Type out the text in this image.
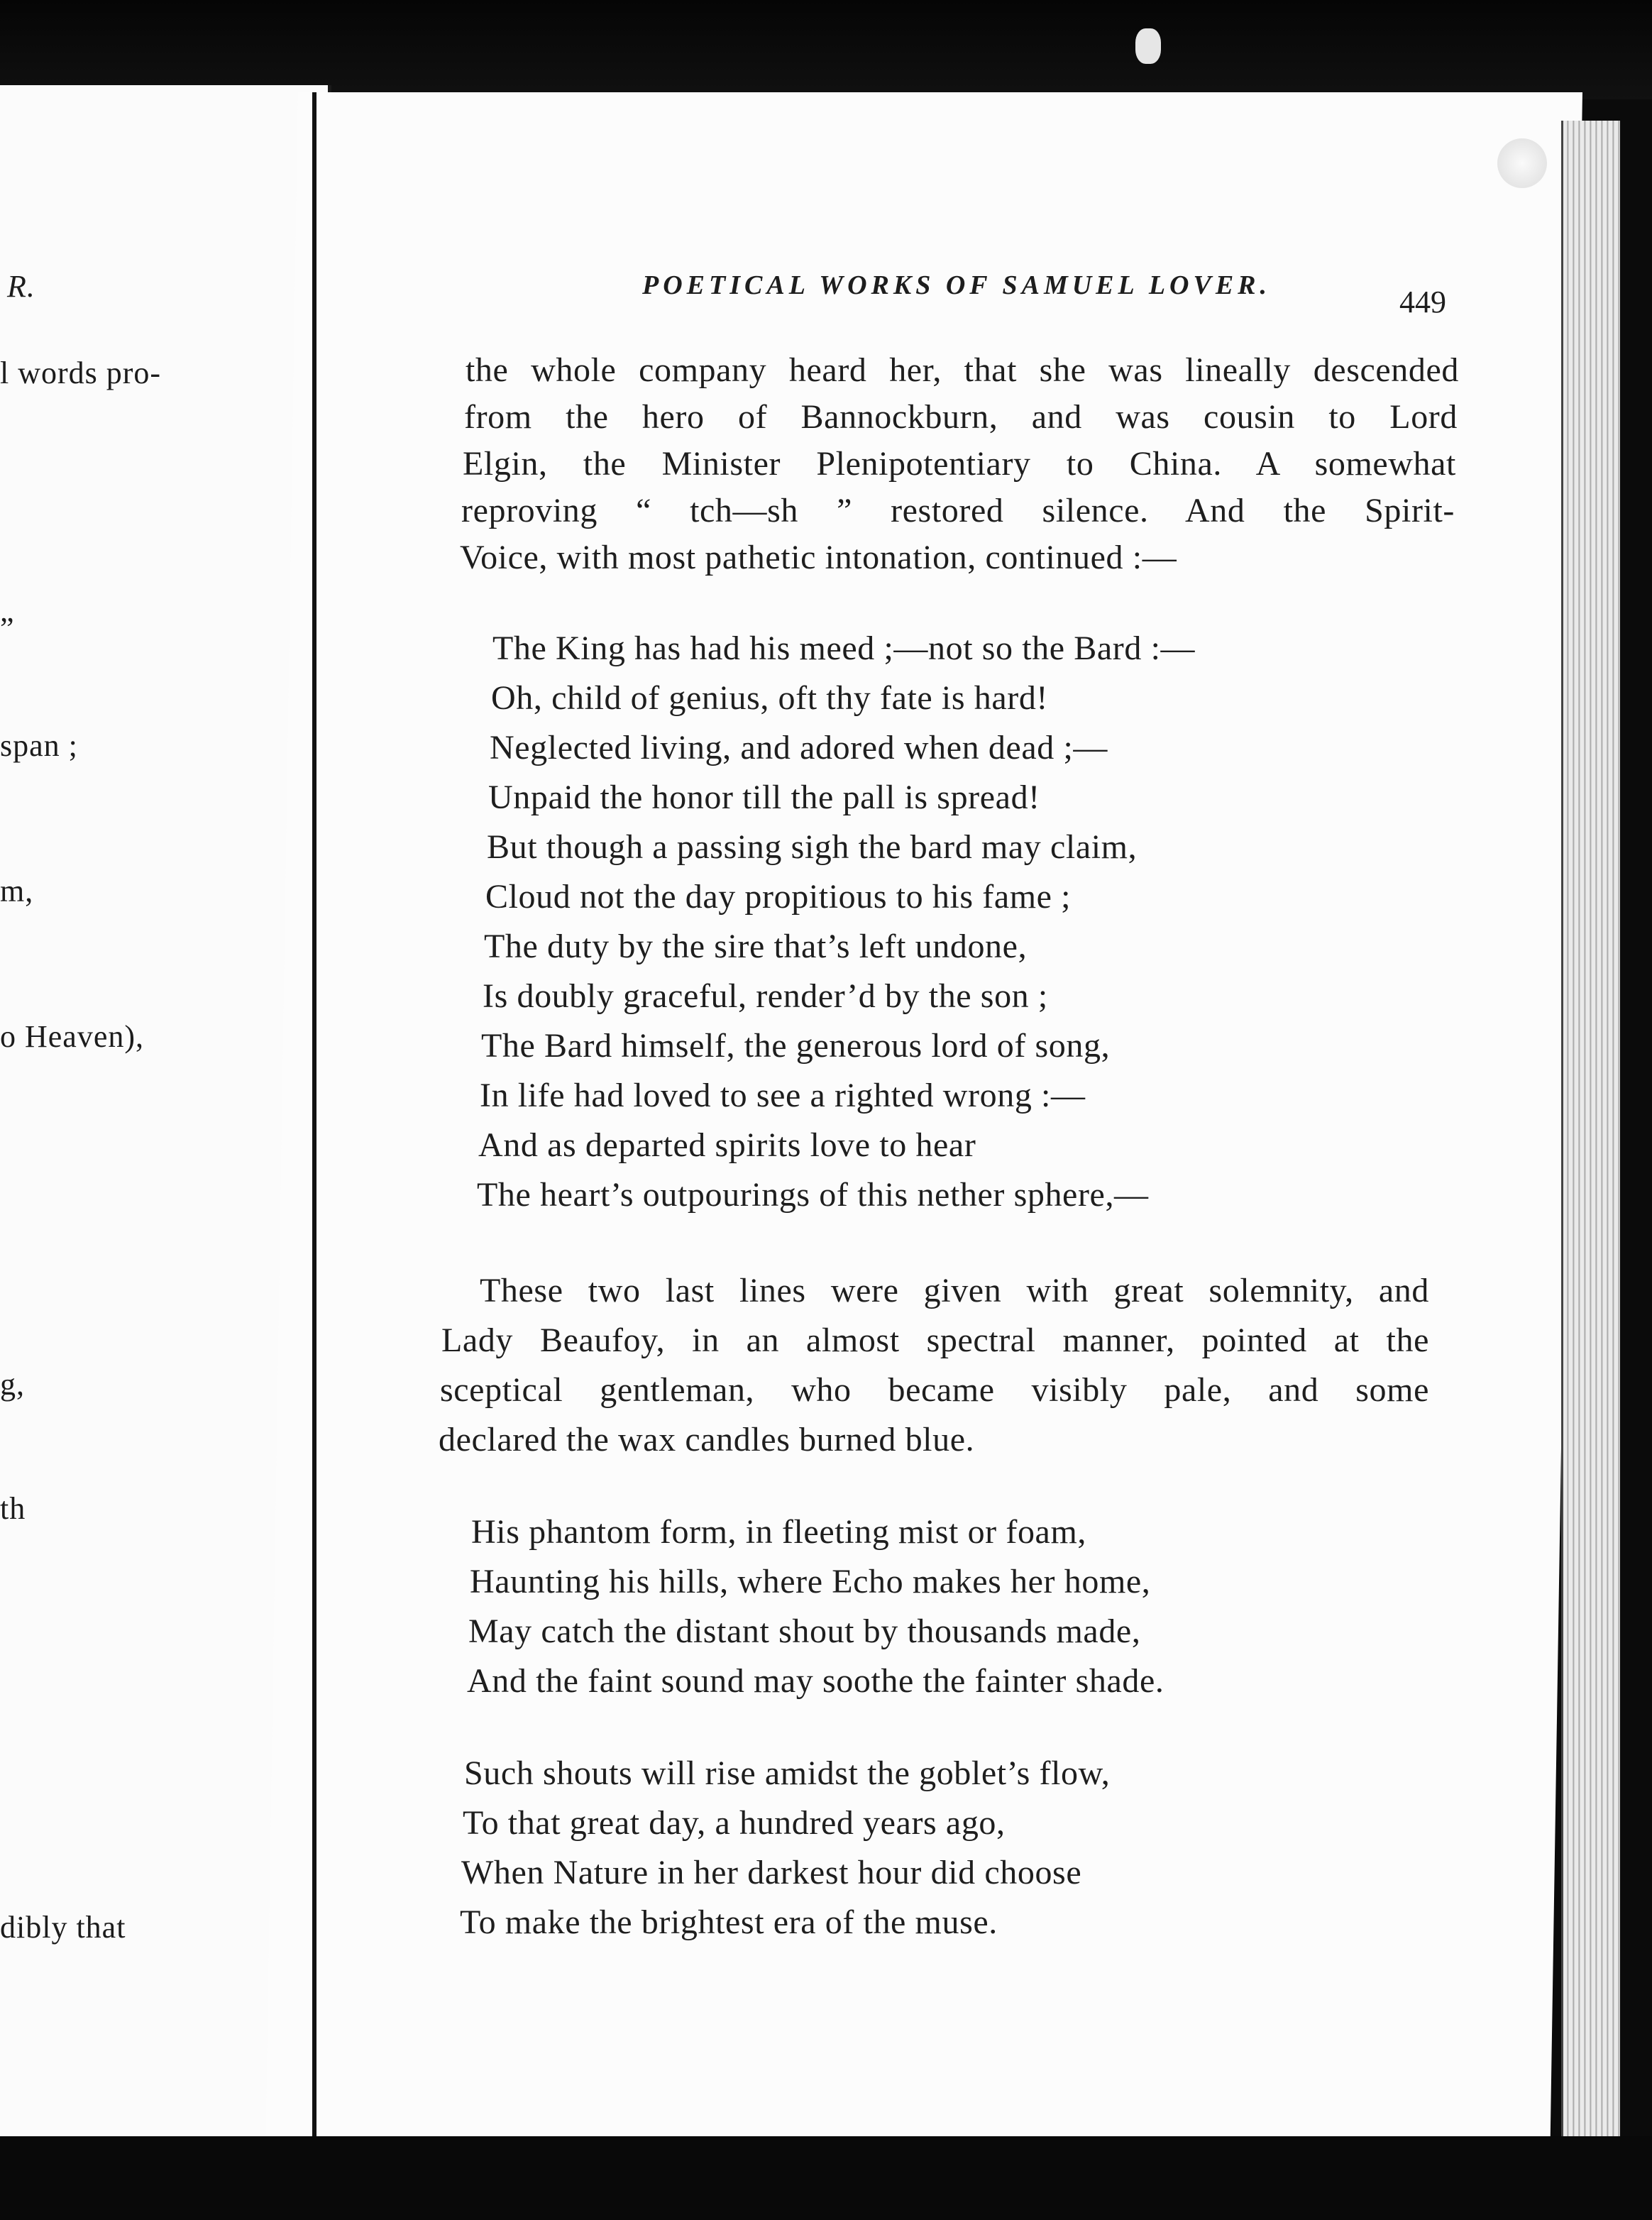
R.
l words pro-
”
span ;
m,
o Heaven),
g,
th
dibly that
POETICAL WORKS OF SAMUEL LOVER.	449
the whole company heard her, that she was lineally descended
from the hero of Bannockburn, and was cousin to Lord
Elgin, the Minister Plenipotentiary to China. A somewhat
reproving “ tch—sh ” restored silence. And the Spirit-
Voice, with most pathetic intonation, continued :—
The King has had his meed ;—not so the Bard :—
Oh, child of genius, oft thy fate is hard!
Neglected living, and adored when dead ;—
Unpaid the honor till the pall is spread!
But though a passing sigh the bard may claim,
Cloud not the day propitious to his fame ;
The duty by the sire that’s left undone,
Is doubly graceful, render’d by the son ;
The Bard himself, the generous lord of song,
In life had loved to see a righted wrong :—
And as departed spirits love to hear
The heart’s outpourings of this nether sphere,—
These two last lines were given with great solemnity, and
Lady Beaufoy, in an almost spectral manner, pointed at the
sceptical gentleman, who became visibly pale, and some
declared the wax candles burned blue.
His phantom form, in fleeting mist or foam,
Haunting his hills, where Echo makes her home,
May catch the distant shout by thousands made,
And the faint sound may soothe the fainter shade.
Such shouts will rise amidst the goblet’s flow,
To that great day, a hundred years ago,
When Nature in her darkest hour did choose
To make the brightest era of the muse.
